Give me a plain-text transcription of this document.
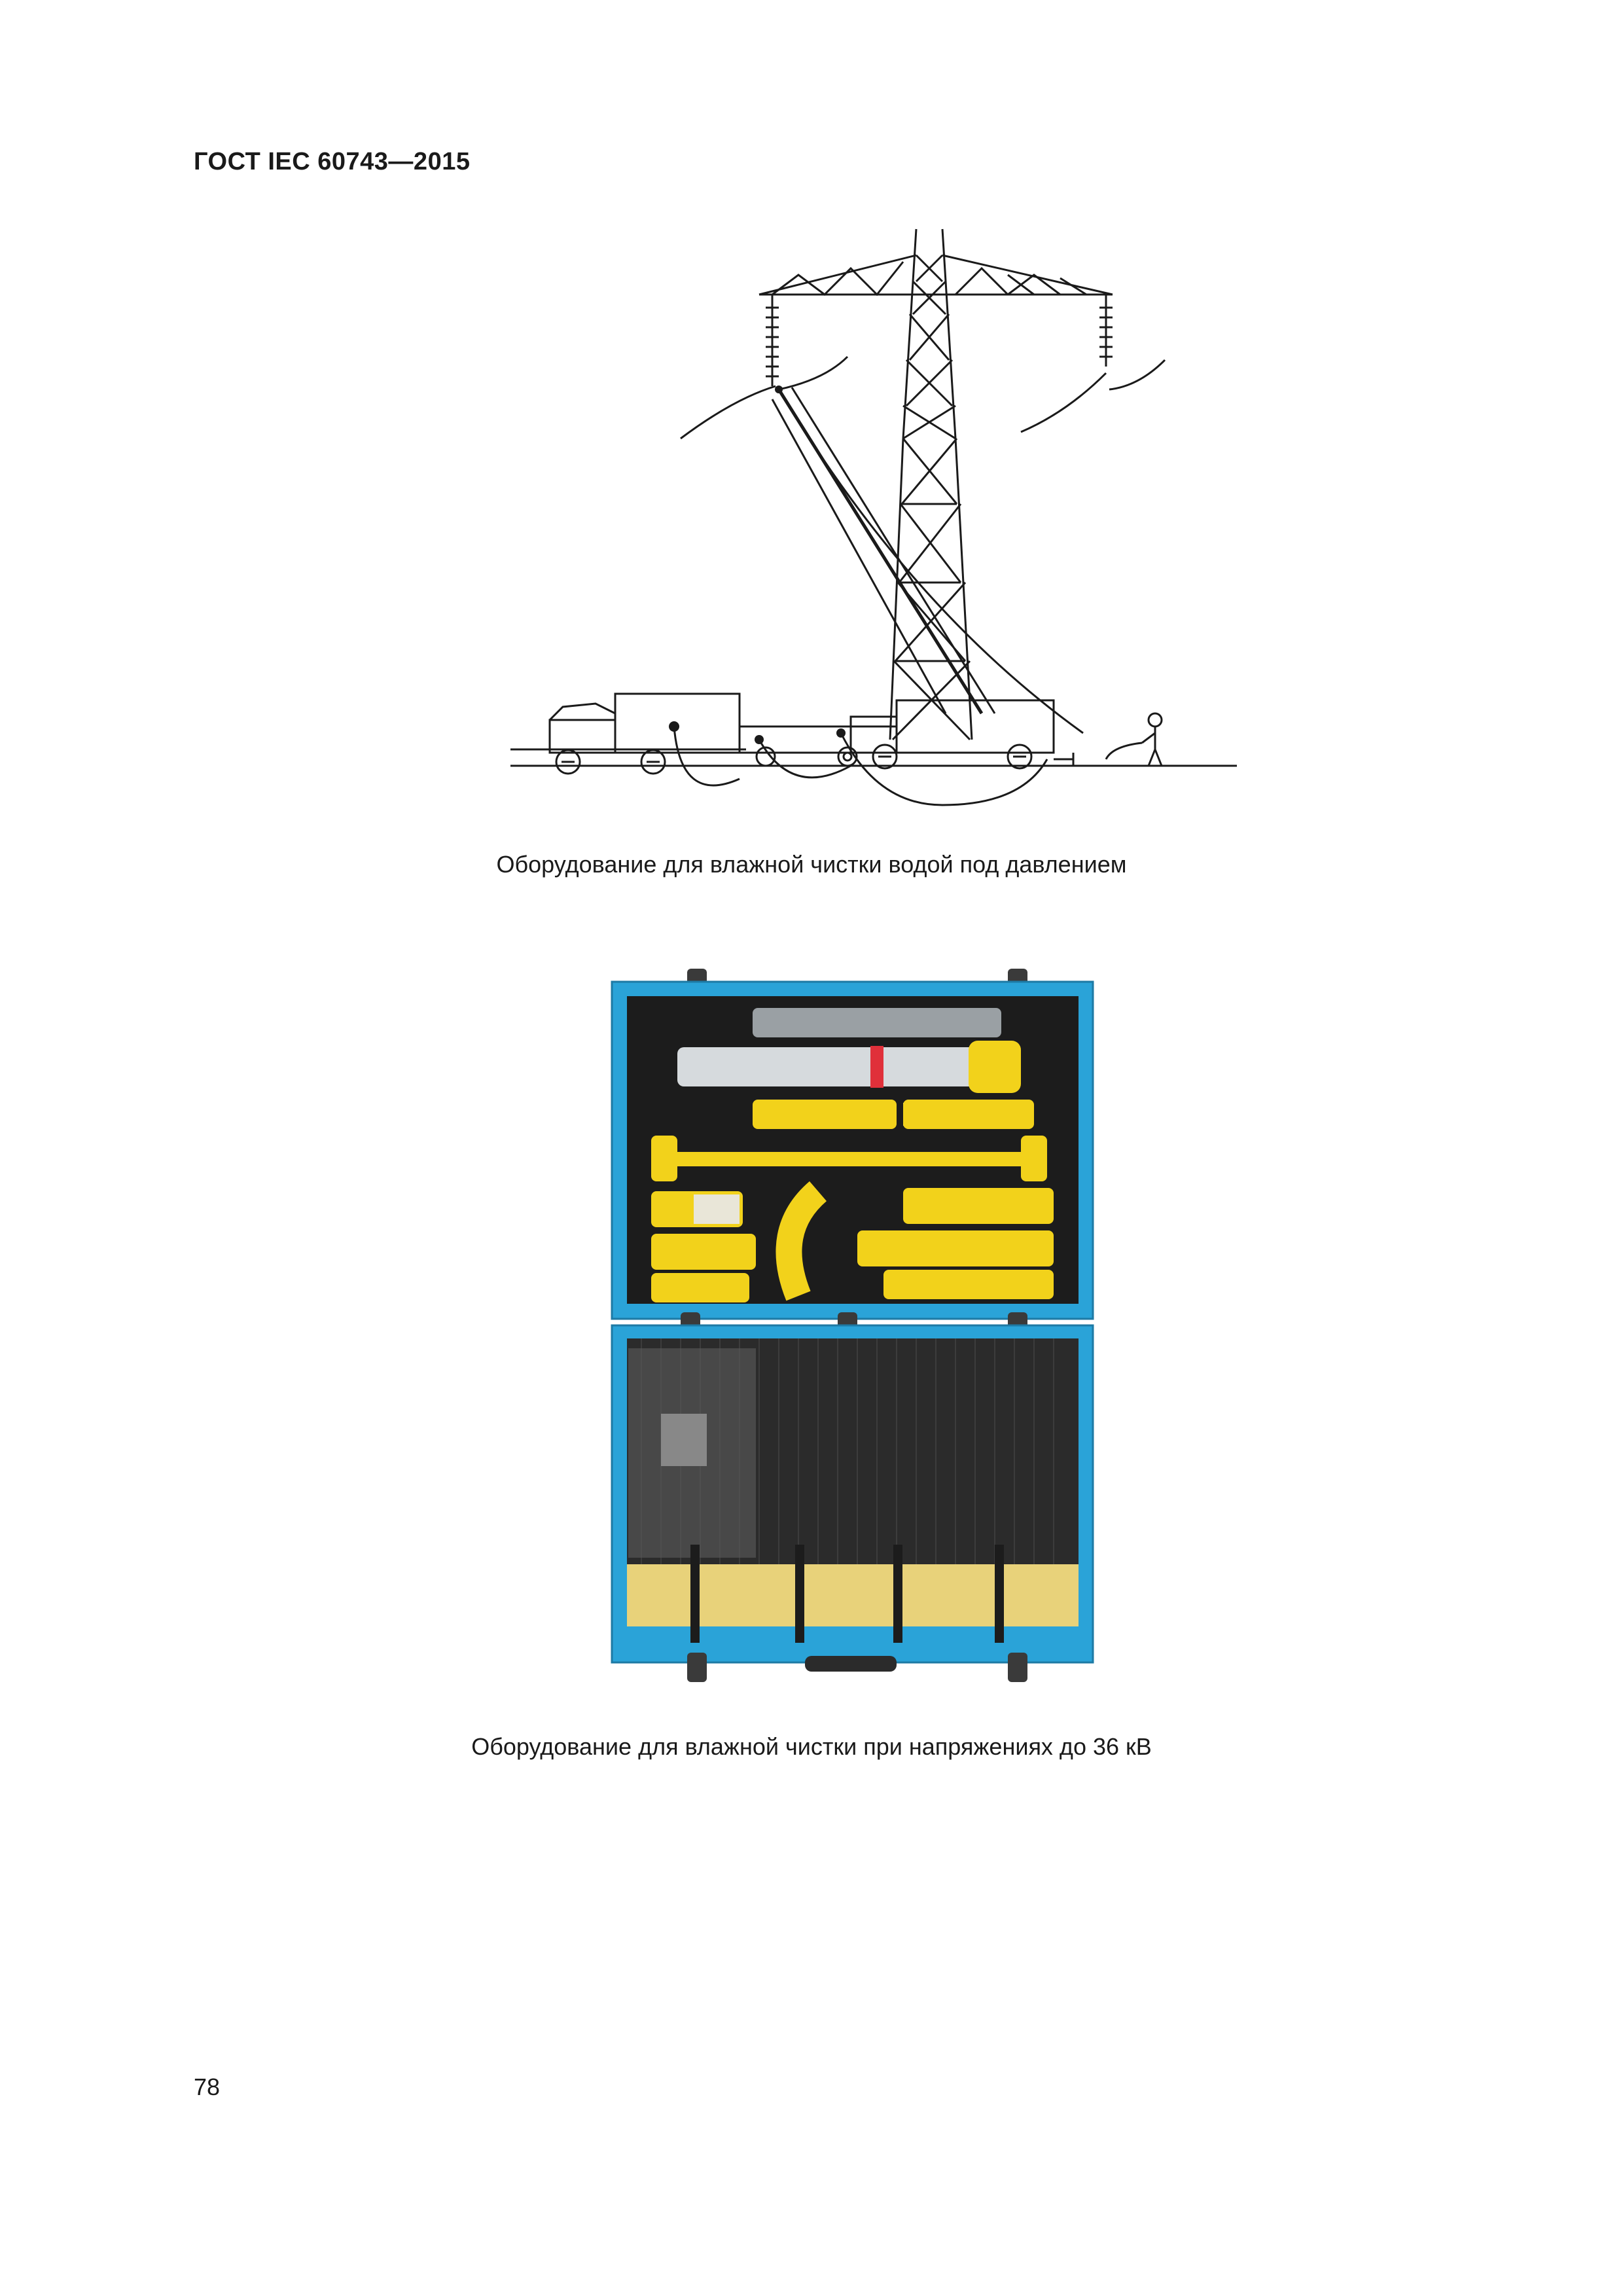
ГОСТ IEC 60743—2015
Оборудование для влажной чистки водой под давлением
Оборудование для влажной чистки при напряжениях до 36 кВ
78
